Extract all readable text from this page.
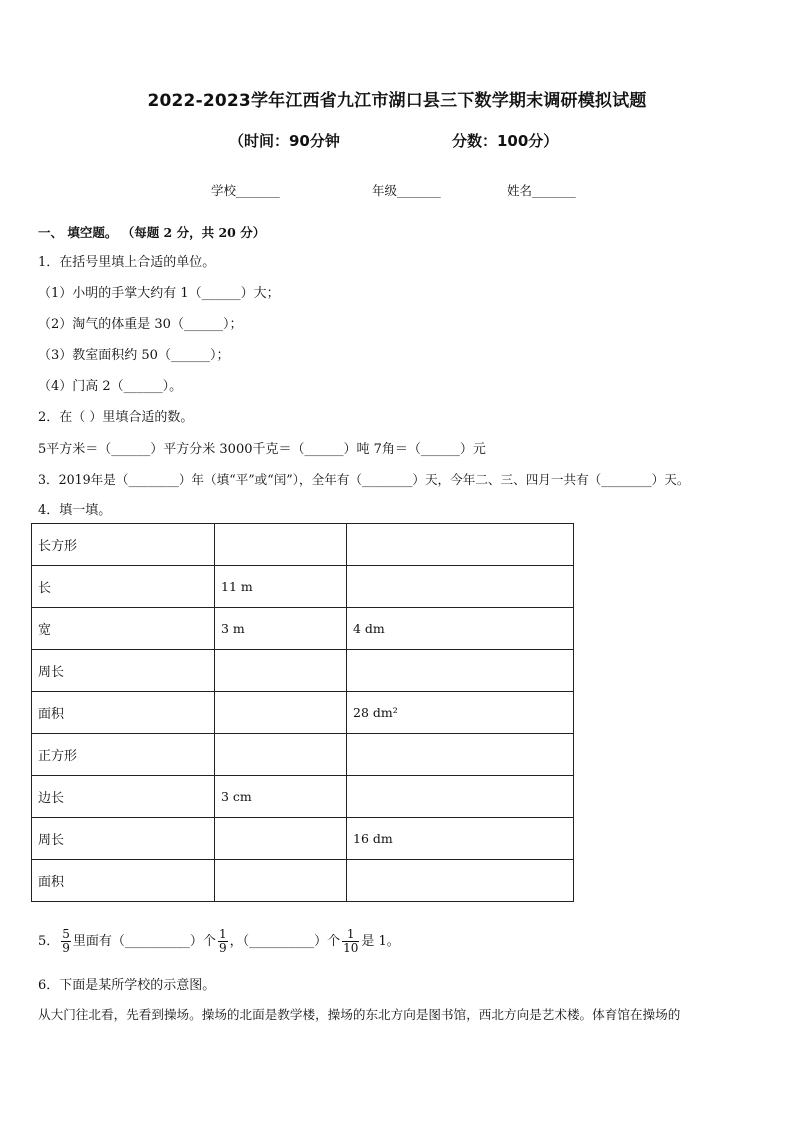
2022-2023学年江西省九江市湖口县三下数学期末调研模拟试题
（时间：90分钟	分数：100分）
学校_______	年级_______	姓名_______
一、 填空题。 （每题 2 分，共 20 分）
1．在括号里填上合适的单位。
（1）小明的手掌大约有 1（______）大；
（2）淘气的体重是 30（______）；
（3）教室面积约 50（______）；
（4）门高 2（______）。
2．在（ ）里填合适的数。
5平方米＝（______）平方分米 3000千克＝（______）吨 7角＝（______）元
3．2019年是（________）年（填“平”或“闰”），全年有（________）天，今年二、三、四月一共有（________）天。
4．填一填。
长方形		
长	11 m	
宽	3 m	4 dm
周长		
面积		28 dm²
正方形		
边长	3 cm	
周长		16 dm
面积		
5． $\frac{5}{9}$ 里面有（__________）个 $\frac{1}{9}$ ，（__________）个 $\frac{1}{10}$ 是 1。
6．下面是某所学校的示意图。
从大门往北看，先看到操场。操场的北面是教学楼，操场的东北方向是图书馆，西北方向是艺术楼。体育馆在操场的
